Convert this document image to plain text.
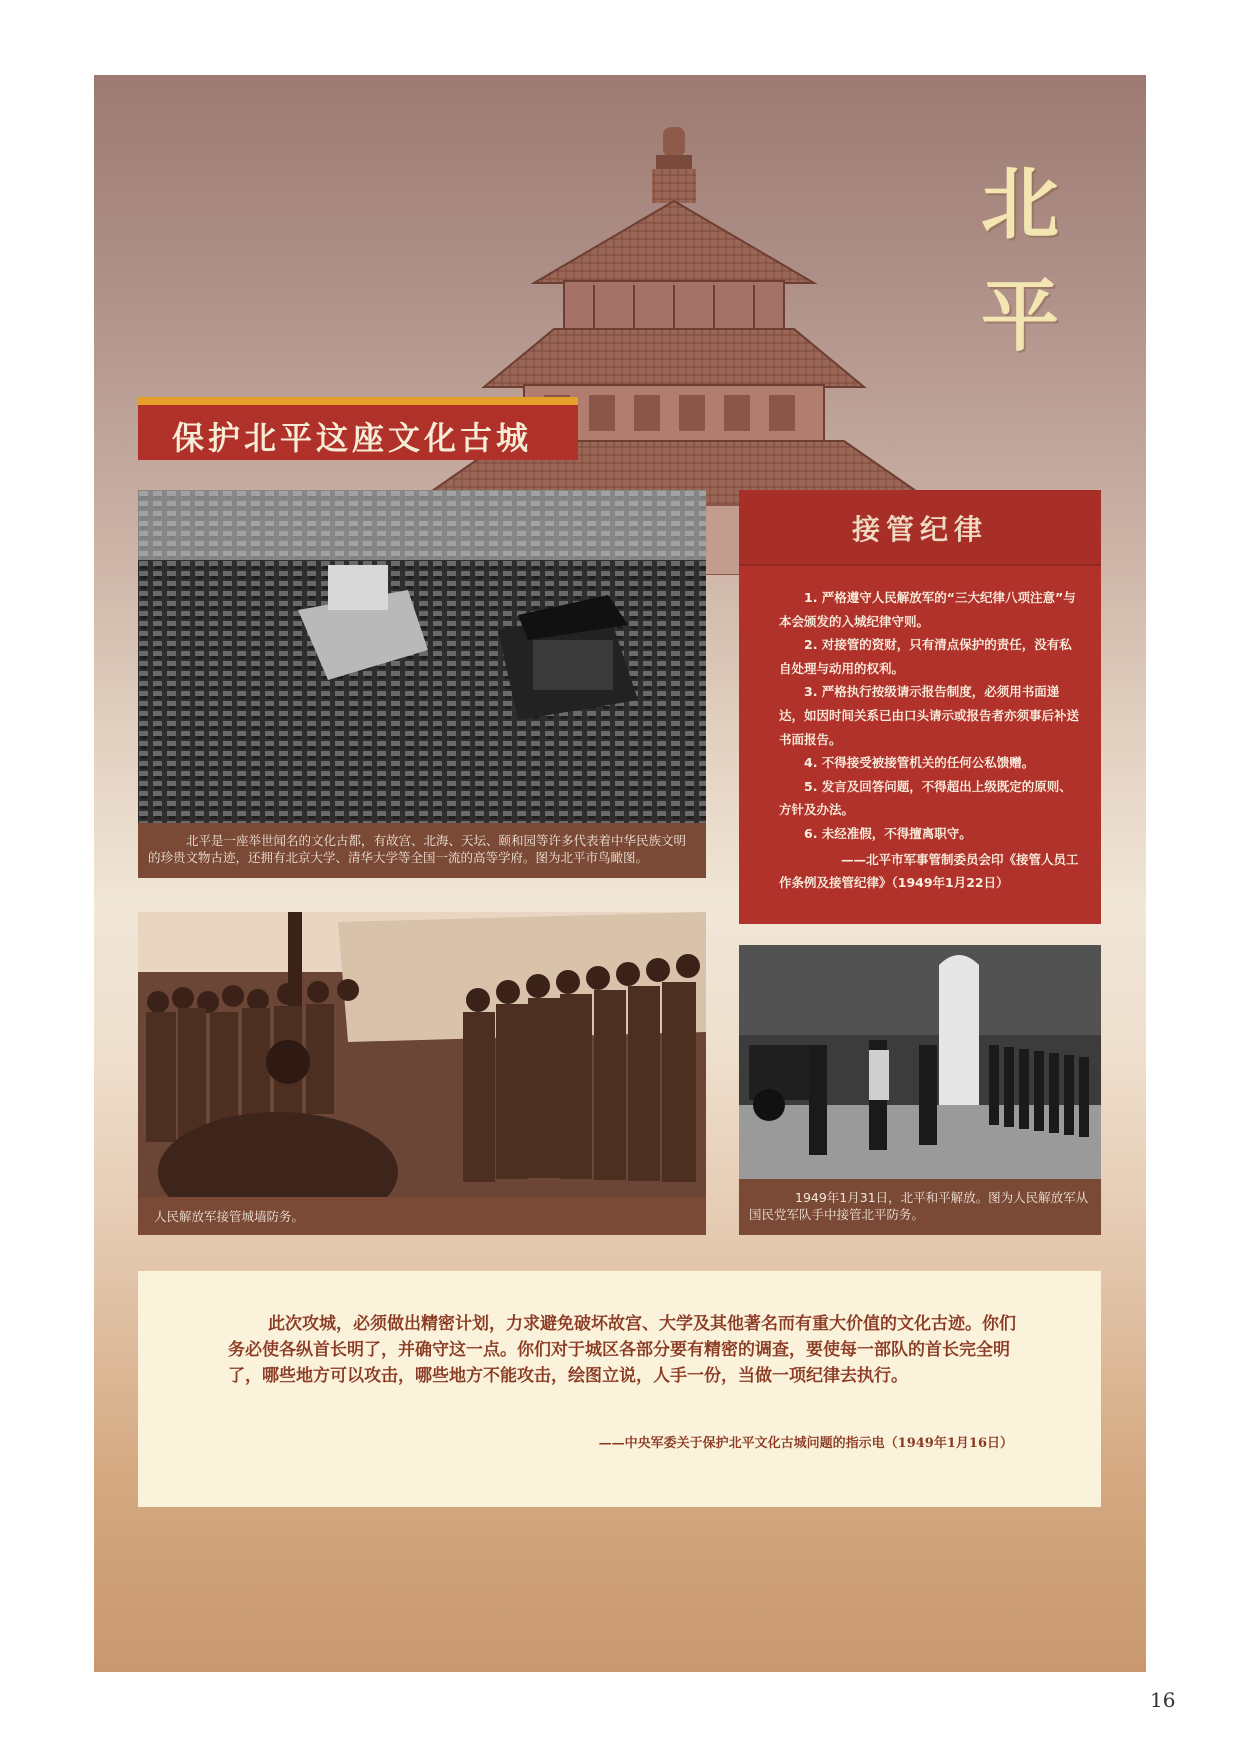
北
平
保护北平这座文化古城
北平是一座举世闻名的文化古都，有故宫、北海、天坛、颐和园等许多代表着中华民族文明的珍贵文物古迹，还拥有北京大学、清华大学等全国一流的高等学府。图为北平市鸟瞰图。
接管纪律

1. 严格遵守人民解放军的“三大纪律八项注意”与本会颁发的入城纪律守则。

2. 对接管的资财，只有清点保护的责任，没有私自处理与动用的权利。

3. 严格执行按级请示报告制度，必须用书面递达，如因时间关系已由口头请示或报告者亦须事后补送书面报告。

4. 不得接受被接管机关的任何公私馈赠。

5. 发言及回答问题，不得超出上级既定的原则、方针及办法。

6. 未经准假，不得擅离职守。

——北平市军事管制委员会印《接管人员工作条例及接管纪律》（1949年1月22日）

人民解放军接管城墙防务。
1949年1月31日，北平和平解放。图为人民解放军从国民党军队手中接管北平防务。
此次攻城，必须做出精密计划，力求避免破坏故宫、大学及其他著名而有重大价值的文化古迹。你们务必使各纵首长明了，并确守这一点。你们对于城区各部分要有精密的调查，要使每一部队的首长完全明了，哪些地方可以攻击，哪些地方不能攻击，绘图立说，人手一份，当做一项纪律去执行。
——中央军委关于保护北平文化古城问题的指示电（1949年1月16日）
16
